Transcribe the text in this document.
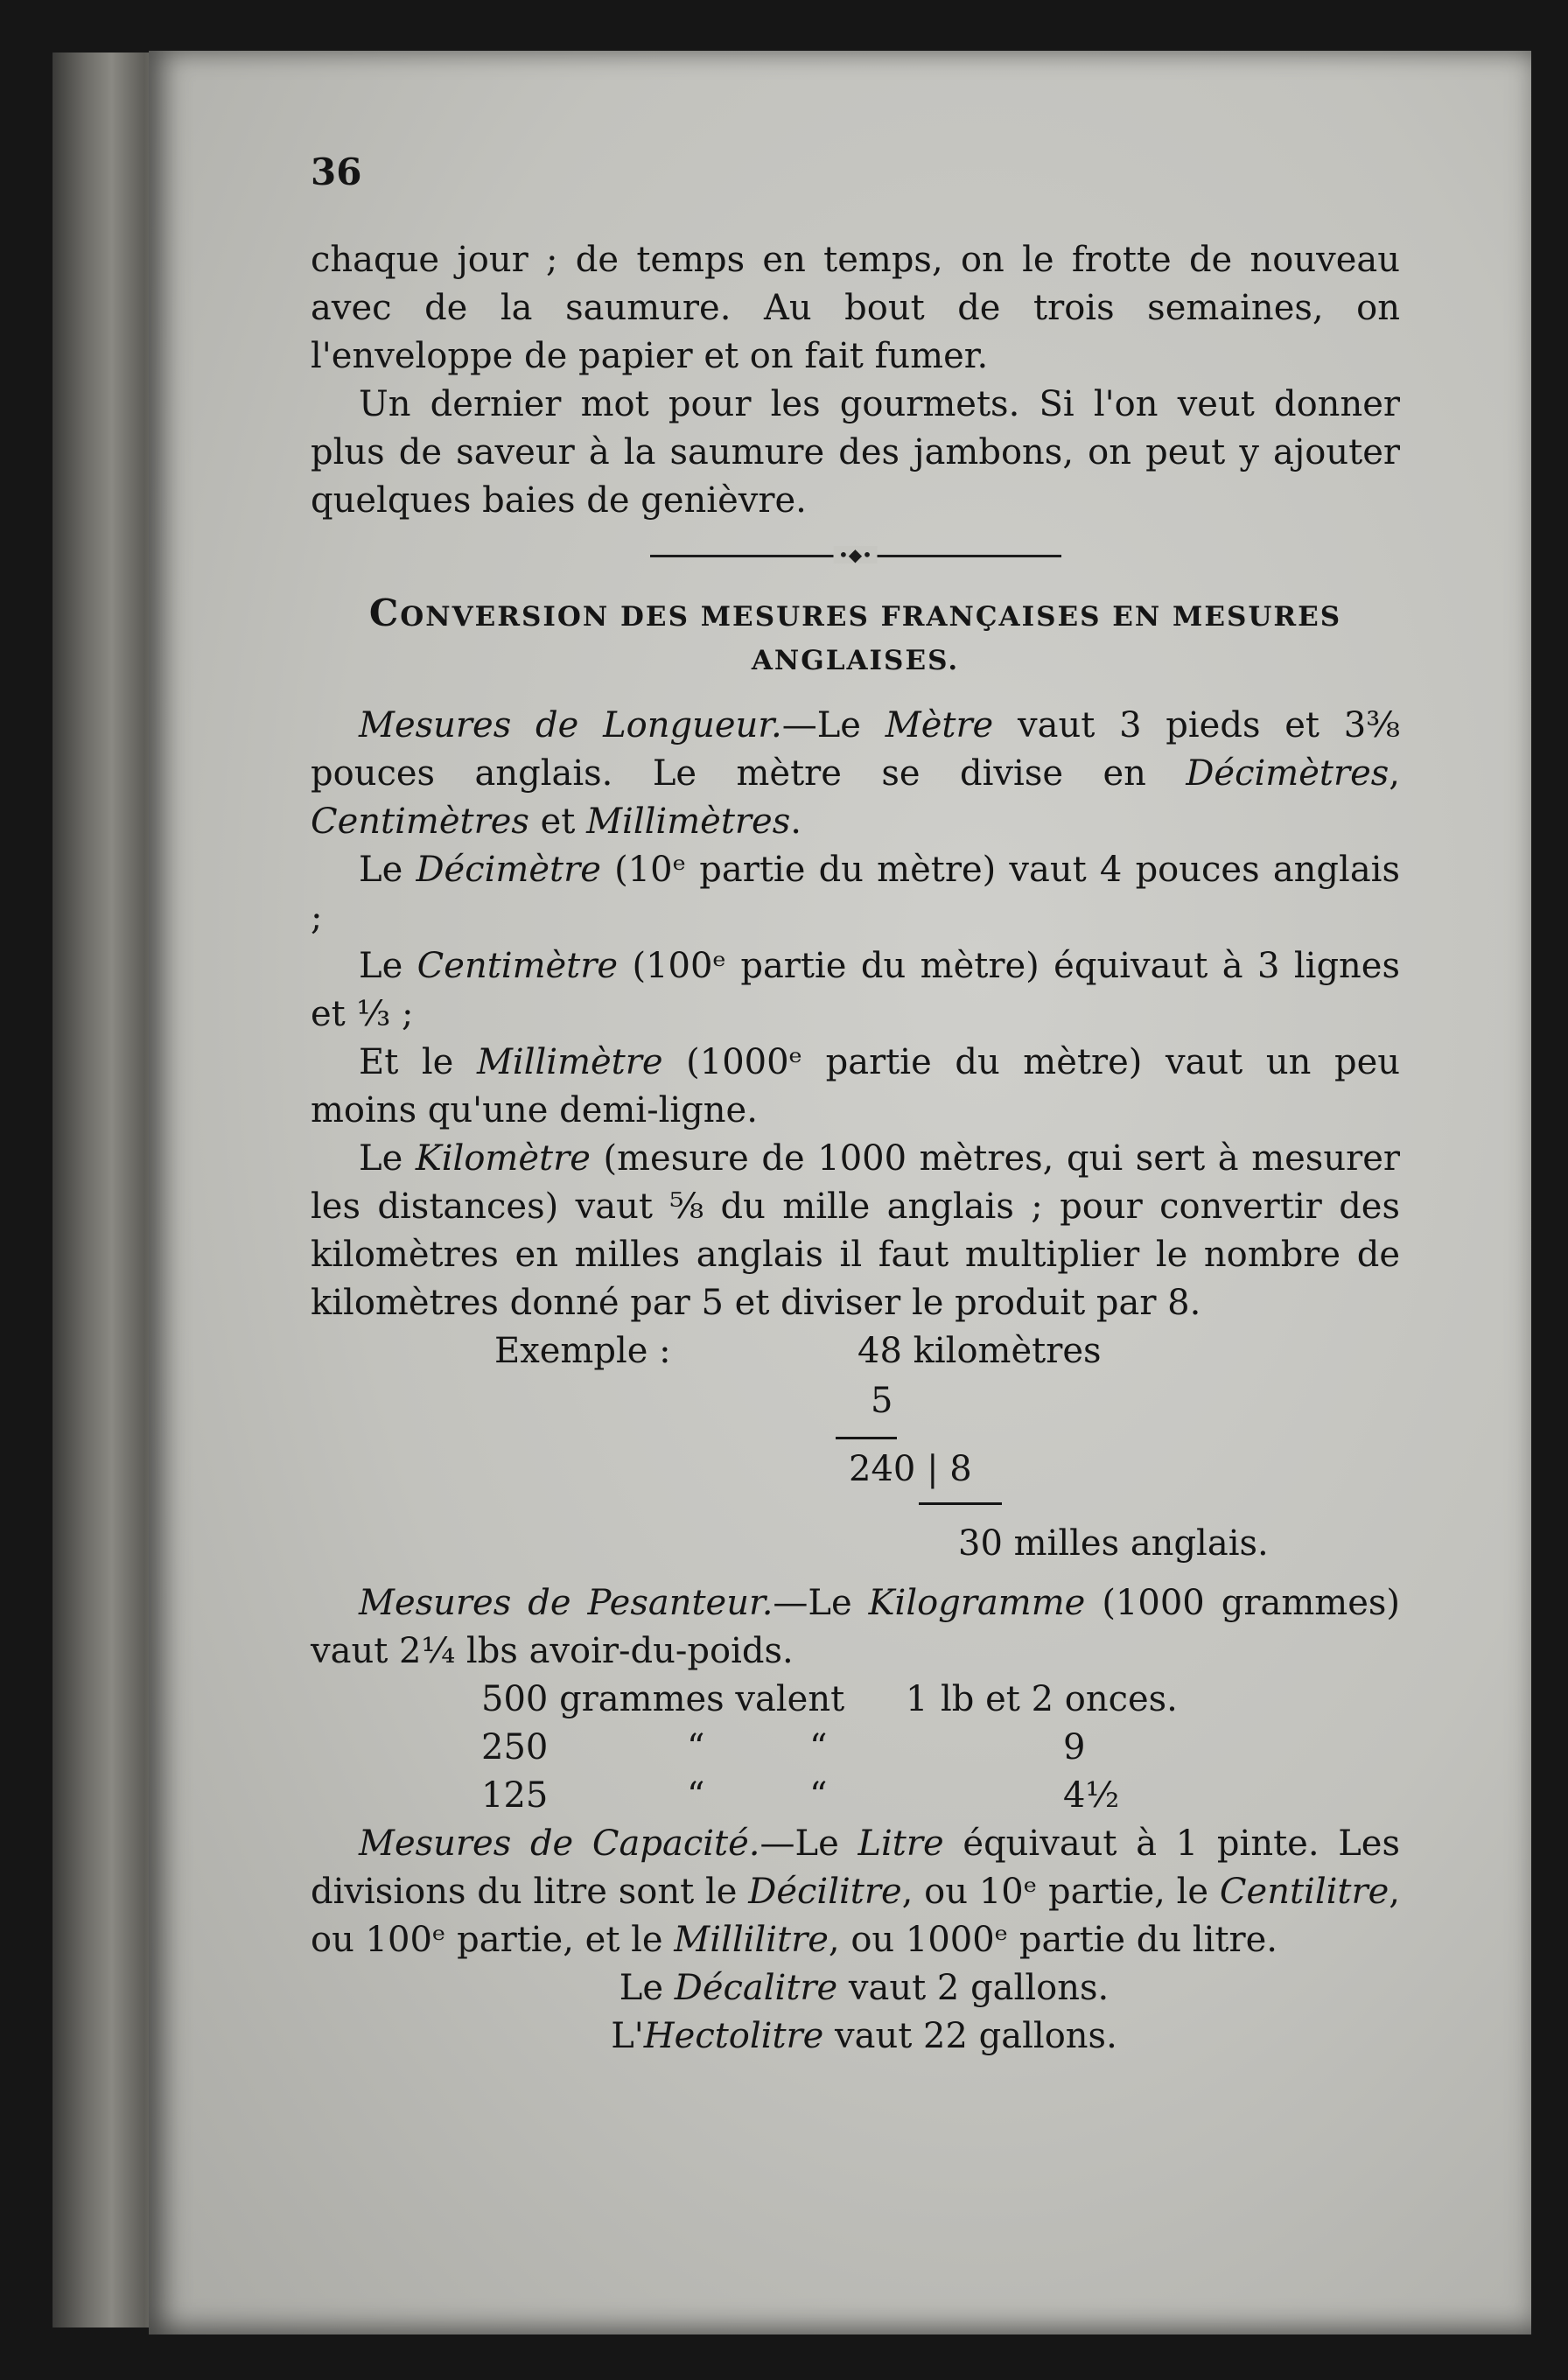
36

chaque jour ; de temps en temps, on le frotte de nouveau avec de la saumure. Au bout de trois semaines, on l'enveloppe de papier et on fait fumer.

Un dernier mot pour les gourmets. Si l'on veut donner plus de saveur à la saumure des jambons, on peut y ajouter quelques baies de genièvre.

•◆•
CONVERSION DES MESURES FRANÇAISES EN MESURES ANGLAISES.

Mesures de Longueur.—Le Mètre vaut 3 pieds et 3⅜ pouces anglais. Le mètre se divise en Décimètres, Centimètres et Millimètres.

Le Décimètre (10ᵉ partie du mètre) vaut 4 pouces anglais ;

Le Centimètre (100ᵉ partie du mètre) équivaut à 3 lignes et ⅓ ;

Et le Millimètre (1000ᵉ partie du mètre) vaut un peu moins qu'une demi-ligne.

Le Kilomètre (mesure de 1000 mètres, qui sert à mesurer les distances) vaut ⅝ du mille anglais ; pour convertir des kilomètres en milles anglais il faut multiplier le nombre de kilomètres donné par 5 et diviser le produit par 8.

Exemple :	48 kilomètres
5
240 | 8
30 milles anglais.

Mesures de Pesanteur.—Le Kilogramme (1000 grammes) vaut 2¼ lbs avoir-du-poids.

500 grammes valent 1 lb et 2 onces.
250	“	“	9
125	“	“	4½

Mesures de Capacité.—Le Litre équivaut à 1 pinte. Les divisions du litre sont le Décilitre, ou 10ᵉ partie, le Centilitre, ou 100ᵉ partie, et le Millilitre, ou 1000ᵉ partie du litre.

Le Décalitre vaut 2 gallons.

L'Hectolitre vaut 22 gallons.
